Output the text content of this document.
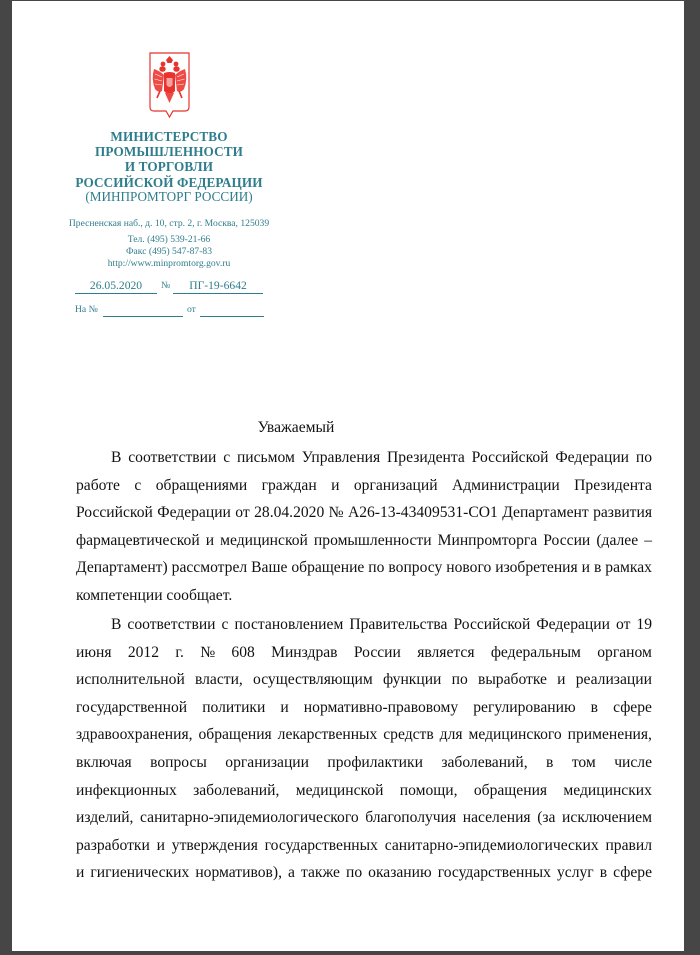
МИНИСТЕРСТВО
ПРОМЫШЛЕННОСТИ
И ТОРГОВЛИ
РОССИЙСКОЙ ФЕДЕРАЦИИ
(МИНПРОМТОРГ РОССИИ)
Пресненская наб., д. 10, стр. 2, г. Москва, 125039
Тел. (495) 539-21-66
Факс (495) 547-87-83
http://www.minpromtorg.gov.ru
26.05.2020	№	ПГ-19-6642
На №	от
Уважаемый
В соответствии с письмом Управления Президента Российской Федерации по
работе с обращениями граждан и организаций Администрации Президента
Российской Федерации от 28.04.2020 № А26-13-43409531-СО1 Департамент развития
фармацевтической и медицинской промышленности Минпромторга России (далее –
Департамент) рассмотрел Ваше обращение по вопросу нового изобретения и в рамках
компетенции сообщает.
В соответствии с постановлением Правительства Российской Федерации от 19
июня 2012 г. № 608 Минздрав России является федеральным органом
исполнительной власти, осуществляющим функции по выработке и реализации
государственной политики и нормативно-правовому регулированию в сфере
здравоохранения, обращения лекарственных средств для медицинского применения,
включая вопросы организации профилактики заболеваний, в том числе
инфекционных заболеваний, медицинской помощи, обращения медицинских
изделий, санитарно-эпидемиологического благополучия населения (за исключением
разработки и утверждения государственных санитарно-эпидемиологических правил
и гигиенических нормативов), а также по оказанию государственных услуг в сфере
